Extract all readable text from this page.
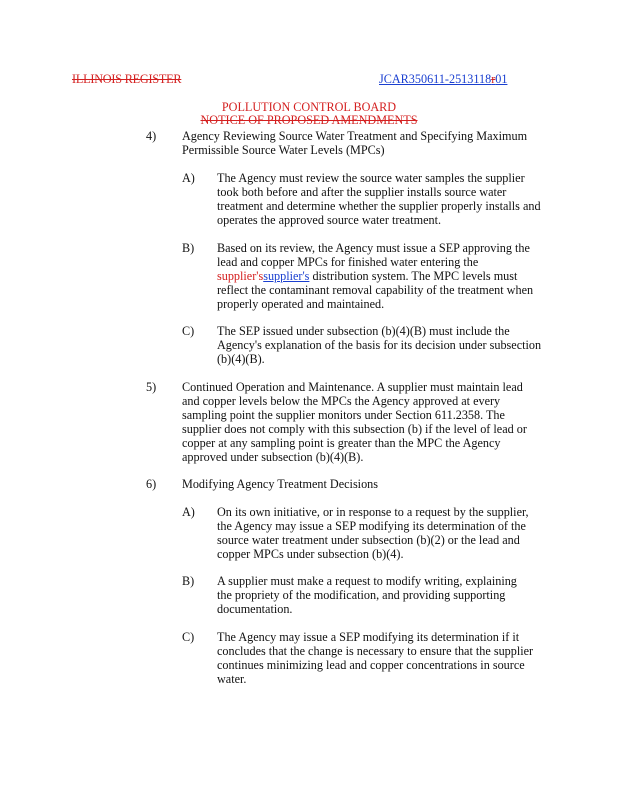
ILLINOIS REGISTER	JCAR350611-2513118r01
POLLUTION CONTROL BOARD
NOTICE OF PROPOSED AMENDMENTS
4) Agency Reviewing Source Water Treatment and Specifying Maximum
Permissible Source Water Levels (MPCs)
A) The Agency must review the source water samples the supplier
took both before and after the supplier installs source water
treatment and determine whether the supplier properly installs and
operates the approved source water treatment.
B) Based on its review, the Agency must issue a SEP approving the
lead and copper MPCs for finished water entering the
supplier'ssupplier's distribution system. The MPC levels must
reflect the contaminant removal capability of the treatment when
properly operated and maintained.
C) The SEP issued under subsection (b)(4)(B) must include the
Agency's explanation of the basis for its decision under subsection
(b)(4)(B).
5) Continued Operation and Maintenance. A supplier must maintain lead
and copper levels below the MPCs the Agency approved at every
sampling point the supplier monitors under Section 611.2358. The
supplier does not comply with this subsection (b) if the level of lead or
copper at any sampling point is greater than the MPC the Agency
approved under subsection (b)(4)(B).
6) Modifying Agency Treatment Decisions
A) On its own initiative, or in response to a request by the supplier,
the Agency may issue a SEP modifying its determination of the
source water treatment under subsection (b)(2) or the lead and
copper MPCs under subsection (b)(4).
B) A supplier must make a request to modify writing, explaining
the propriety of the modification, and providing supporting
documentation.
C) The Agency may issue a SEP modifying its determination if it
concludes that the change is necessary to ensure that the supplier
continues minimizing lead and copper concentrations in source
water.
